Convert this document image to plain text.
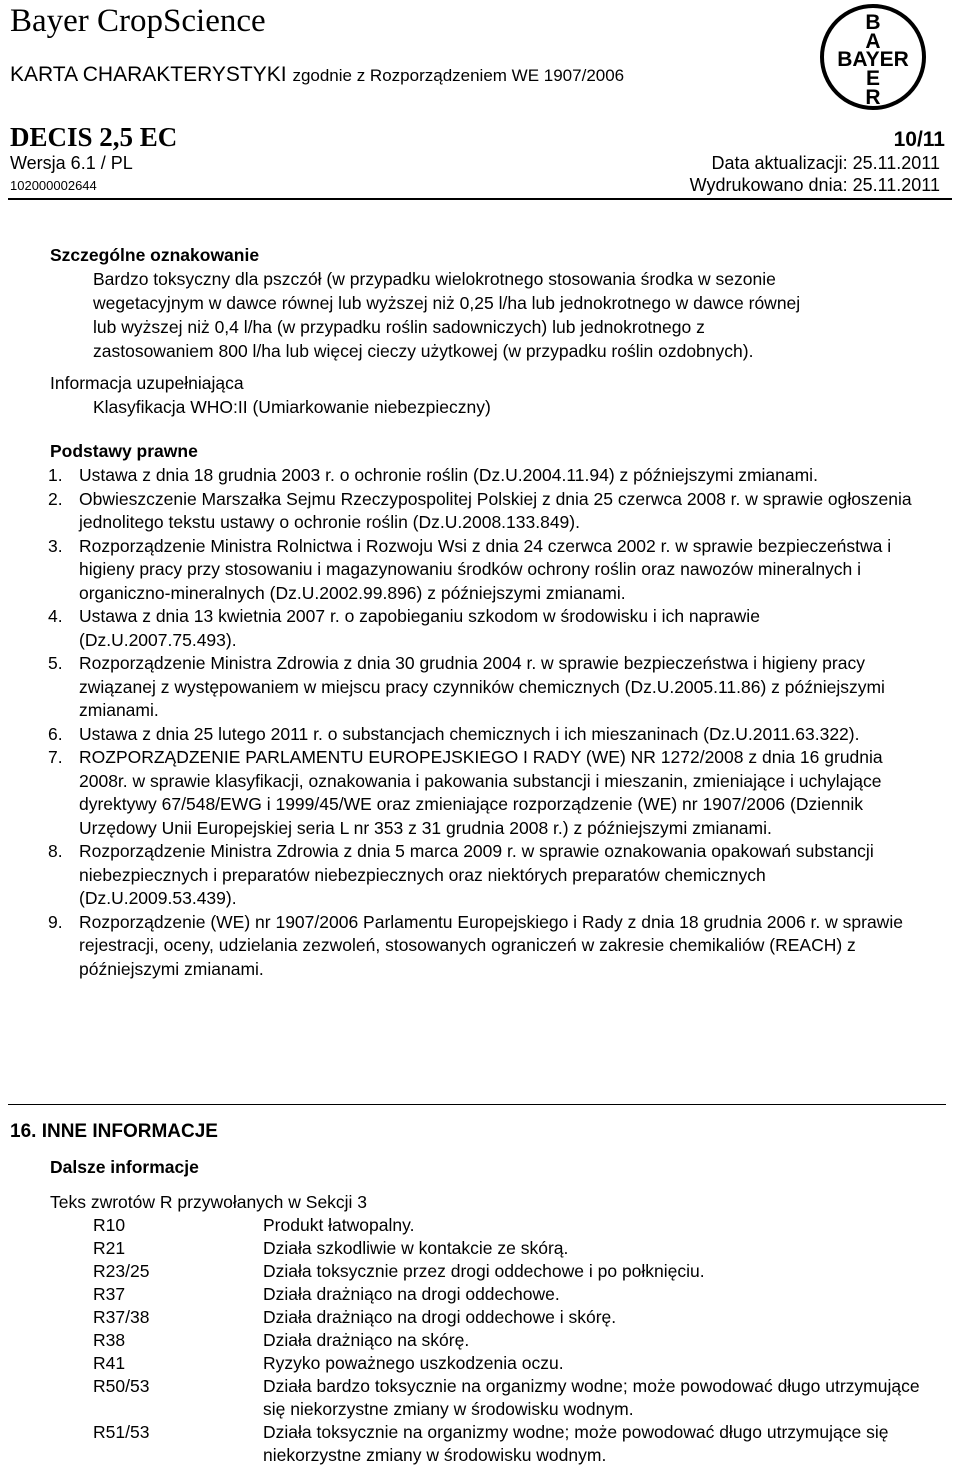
Bayer CropScience
KARTA CHARAKTERYSTYKI zgodnie z Rozporządzeniem WE 1907/2006
B
A
BAYER
E
R
DECIS 2,5 EC	10/11
Wersja 6.1 / PL
102000002644
Data aktualizacji: 25.11.2011
Wydrukowano dnia: 25.11.2011
Szczególne oznakowanie
Bardzo toksyczny dla pszczół (w przypadku wielokrotnego stosowania środka w sezonie
wegetacyjnym w dawce równej lub wyższej niż 0,25 l/ha lub jednokrotnego w dawce równej
lub wyższej niż 0,4 l/ha (w przypadku roślin sadowniczych) lub jednokrotnego z
zastosowaniem 800 l/ha lub więcej cieczy użytkowej (w przypadku roślin ozdobnych).
Informacja uzupełniająca
Klasyfikacja WHO:II (Umiarkowanie niebezpieczny)
Podstawy prawne
1. Ustawa z dnia 18 grudnia 2003 r. o ochronie roślin (Dz.U.2004.11.94) z późniejszymi zmianami.
2. Obwieszczenie Marszałka Sejmu Rzeczypospolitej Polskiej z dnia 25 czerwca 2008 r. w sprawie ogłoszenia jednolitego tekstu ustawy o ochronie roślin (Dz.U.2008.133.849).
3. Rozporządzenie Ministra Rolnictwa i Rozwoju Wsi z dnia 24 czerwca 2002 r. w sprawie bezpieczeństwa i higieny pracy przy stosowaniu i magazynowaniu środków ochrony roślin oraz nawozów mineralnych i organiczno-mineralnych (Dz.U.2002.99.896) z późniejszymi zmianami.
4. Ustawa z dnia 13 kwietnia 2007 r. o zapobieganiu szkodom w środowisku i ich naprawie (Dz.U.2007.75.493).
5. Rozporządzenie Ministra Zdrowia z dnia 30 grudnia 2004 r. w sprawie bezpieczeństwa i higieny pracy związanej z występowaniem w miejscu pracy czynników chemicznych (Dz.U.2005.11.86) z późniejszymi zmianami.
6. Ustawa z dnia 25 lutego 2011 r. o substancjach chemicznych i ich mieszaninach (Dz.U.2011.63.322).
7. ROZPORZĄDZENIE PARLAMENTU EUROPEJSKIEGO I RADY (WE) NR 1272/2008 z dnia 16 grudnia 2008r. w sprawie klasyfikacji, oznakowania i pakowania substancji i mieszanin, zmieniające i uchylające dyrektywy 67/548/EWG i 1999/45/WE oraz zmieniające rozporządzenie (WE) nr 1907/2006 (Dziennik Urzędowy Unii Europejskiej seria L nr 353 z 31 grudnia 2008 r.) z późniejszymi zmianami.
8. Rozporządzenie Ministra Zdrowia z dnia 5 marca 2009 r. w sprawie oznakowania opakowań substancji niebezpiecznych i preparatów niebezpiecznych oraz niektórych preparatów chemicznych (Dz.U.2009.53.439).
9. Rozporządzenie (WE) nr 1907/2006 Parlamentu Europejskiego i Rady z dnia 18 grudnia 2006 r. w sprawie rejestracji, oceny, udzielania zezwoleń, stosowanych ograniczeń w zakresie chemikaliów (REACH) z późniejszymi zmianami.
16. INNE INFORMACJE
Dalsze informacje
Teks zwrotów R przywołanych w Sekcji 3
R10	Produkt łatwopalny.
R21	Działa szkodliwie w kontakcie ze skórą.
R23/25	Działa toksycznie przez drogi oddechowe i po połknięciu.
R37	Działa drażniąco na drogi oddechowe.
R37/38	Działa drażniąco na drogi oddechowe i skórę.
R38	Działa drażniąco na skórę.
R41	Ryzyko poważnego uszkodzenia oczu.
R50/53	Działa bardzo toksycznie na organizmy wodne; może powodować długo utrzymujące się niekorzystne zmiany w środowisku wodnym.
R51/53	Działa toksycznie na organizmy wodne; może powodować długo utrzymujące się niekorzystne zmiany w środowisku wodnym.
